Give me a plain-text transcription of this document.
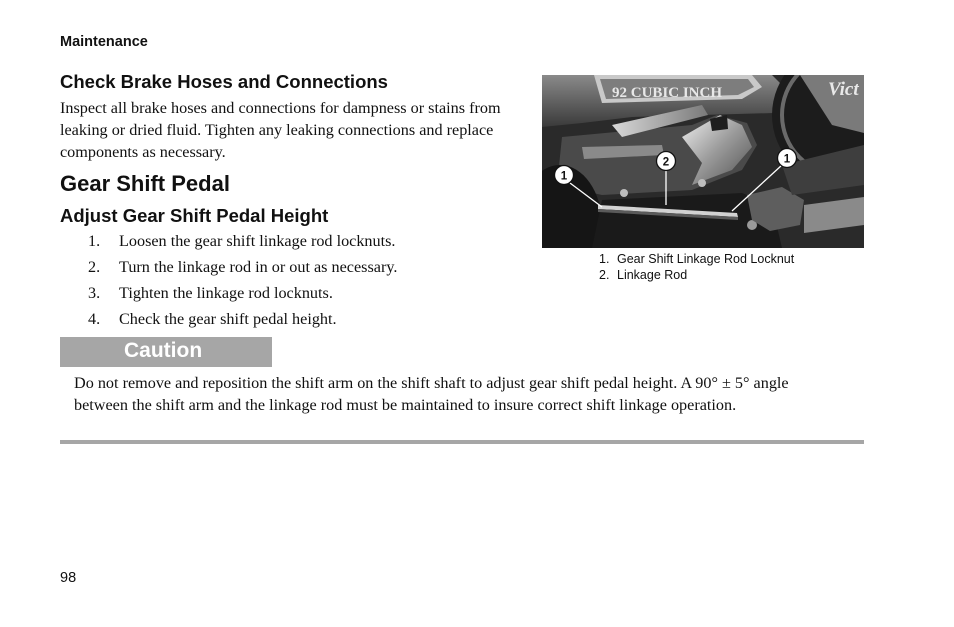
Maintenance
Check Brake Hoses and Connections
Inspect all brake hoses and connections for dampness or stains from leaking or dried fluid. Tighten any leaking connections and replace components as necessary.
Gear Shift Pedal
Adjust Gear Shift Pedal Height
1.	Loosen the gear shift linkage rod locknuts.
2.	Turn the linkage rod in or out as necessary.
3.	Tighten the linkage rod locknuts.
4.	Check the gear shift pedal height.
92 CUBIC INCH	Vict
1
2	1
1. Gear Shift Linkage Rod Locknut
2. Linkage Rod
Caution
Do not remove and reposition the shift arm on the shift shaft to adjust gear shift pedal height. A 90° ± 5° angle between the shift arm and the linkage rod must be maintained to insure correct shift linkage operation.
98
